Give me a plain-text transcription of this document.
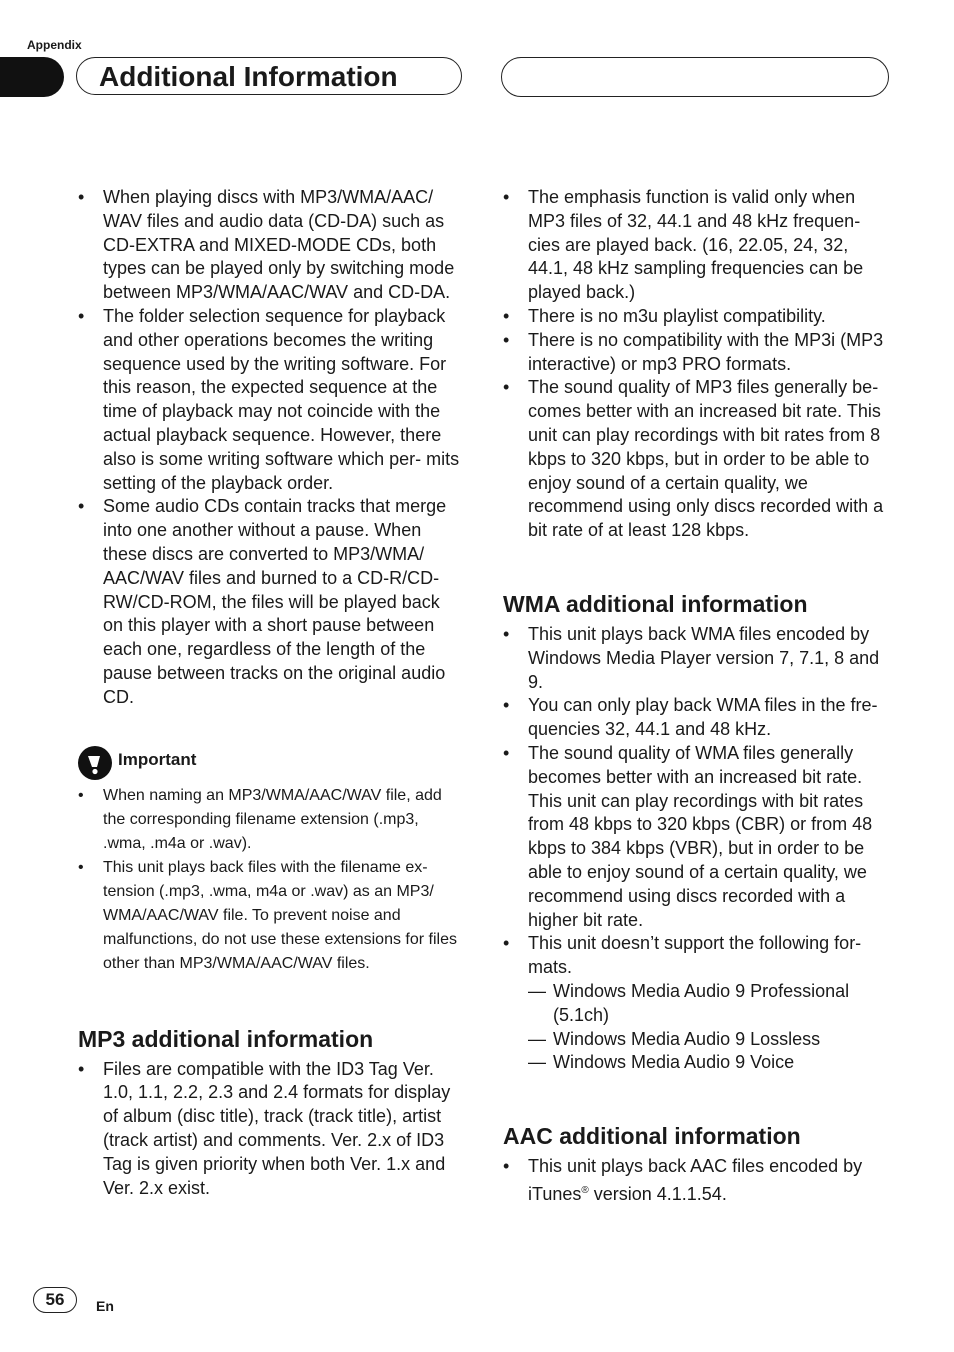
Appendix
Additional Information
• When playing discs with MP3/WMA/AAC/ WAV files and audio data (CD-DA) such as CD-EXTRA and MIXED-MODE CDs, both types can be played only by switching mode between MP3/WMA/AAC/WAV and CD-DA.
• The folder selection sequence for playback and other operations becomes the writing sequence used by the writing software. For this reason, the expected sequence at the time of playback may not coincide with the actual playback sequence. However, there also is some writing software which per- mits setting of the playback order.
• Some audio CDs contain tracks that merge into one another without a pause. When these discs are converted to MP3/WMA/ AAC/WAV files and burned to a CD-R/CD- RW/CD-ROM, the files will be played back on this player with a short pause between each one, regardless of the length of the pause between tracks on the original audio CD.
Important
• When naming an MP3/WMA/AAC/WAV file, add the corresponding filename extension (.mp3, .wma, .m4a or .wav).
• This unit plays back files with the filename ex- tension (.mp3, .wma, m4a or .wav) as an MP3/ WMA/AAC/WAV file. To prevent noise and malfunctions, do not use these extensions for files other than MP3/WMA/AAC/WAV files.
MP3 additional information
• Files are compatible with the ID3 Tag Ver. 1.0, 1.1, 2.2, 2.3 and 2.4 formats for display of album (disc title), track (track title), artist (track artist) and comments. Ver. 2.x of ID3 Tag is given priority when both Ver. 1.x and Ver. 2.x exist.
• The emphasis function is valid only when MP3 files of 32, 44.1 and 48 kHz frequen- cies are played back. (16, 22.05, 24, 32, 44.1, 48 kHz sampling frequencies can be played back.)
• There is no m3u playlist compatibility.
• There is no compatibility with the MP3i (MP3 interactive) or mp3 PRO formats.
• The sound quality of MP3 files generally be- comes better with an increased bit rate. This unit can play recordings with bit rates from 8 kbps to 320 kbps, but in order to be able to enjoy sound of a certain quality, we recommend using only discs recorded with a bit rate of at least 128 kbps.
WMA additional information
• This unit plays back WMA files encoded by Windows Media Player version 7, 7.1, 8 and 9.
• You can only play back WMA files in the fre- quencies 32, 44.1 and 48 kHz.
• The sound quality of WMA files generally becomes better with an increased bit rate. This unit can play recordings with bit rates from 48 kbps to 320 kbps (CBR) or from 48 kbps to 384 kbps (VBR), but in order to be able to enjoy sound of a certain quality, we recommend using discs recorded with a higher bit rate.
• This unit doesn’t support the following for- mats.
— Windows Media Audio 9 Professional (5.1ch)
— Windows Media Audio 9 Lossless
— Windows Media Audio 9 Voice
AAC additional information
• This unit plays back AAC files encoded by iTunes® version 4.1.1.54.
56	En
